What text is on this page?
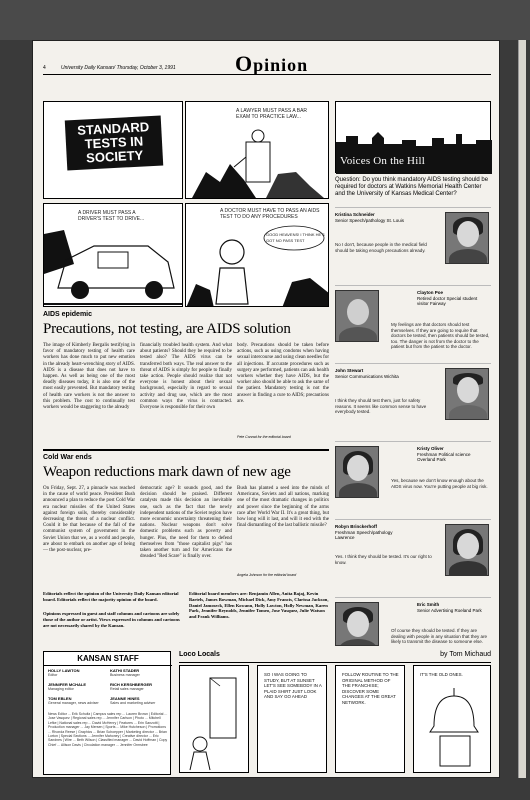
4	University Daily Kansan/ Thursday, October 3, 1991	Opinion
STANDARD TESTS IN SOCIETY
A LAWYER MUST PASS A BAR EXAM TO PRACTICE LAW...
A DRIVER MUST PASS A DRIVER'S TEST TO DRIVE...
A DOCTOR MUST HAVE TO PASS AN AIDS TEST TO DO ANY PROCEDURES
GOOD HEAVENS! I THINK HE'S GOT NO PASS TEST
Voices On the Hill
Question: Do you think mandatory AIDS testing should be required for doctors at Watkins Memorial Health Center and the University of Kansas Medical Center?
Kristina Schneider
Senior Speech/pathology St. Louis
No I don't, because people in the medical field should be taking enough precautions already.
Clayton Poe
Retired doctor Special student visitor Fairway
My feelings are that doctors should test themselves. If they are going to require that doctors be tested, then patients should be tested, too. The danger is not from the doctor to the patient but from the patient to the doctor.
John Stewart
Senior Communications Wichita
I think they should test them, just for safety reasons. It seems like common sense to have everybody tested.
Kristy Oliver
Freshman Political science Overland Park
Yes, because we don't know enough about the AIDS virus now. You're putting people at big risk.
Robyn Brinckerhoff
Freshman Speech/pathology Lawrence
Yes. I think they should be tested. It's our right to know.
Eric Smith
Senior Advertising Roeland Park
Of course they should be tested. If they are dealing with people in any situation that they are likely to transmit the disease to someone else.
AIDS epidemic
Precautions, not testing, are AIDS solution

The image of Kimberly Bergalis testifying in favor of mandatory testing of health care workers has done much to put new emotion in the already heart-wrenching story of AIDS. AIDS is a disease that does not have to happen. As well as being one of the most deadly diseases today, it is also one of the most easily prevented. But mandatory testing of health care workers is not the answer to this problem. The cost to continually test workers would be staggering to the already

financially troubled health system. And what about patients? Should they be required to be tested also? The AIDS virus can be transferred both ways. The real answer to the threat of AIDS is simply for people to finally take action. People should realize that not everyone is honest about their sexual background, especially in regard to sexual activity and drug use, which are the most common ways the virus is contracted. Everyone is responsible for their own

body. Precautions should be taken before actions, such as using condoms when having sexual intercourse and using clean needles for all injections. If accurate procedures such as surgery are performed, patients can ask health workers whether they have AIDS, but the worker also should be able to ask the same of the patient. Mandatory testing is not the answer in finding a cure to AIDS; precautions are.

Pete Conrad for the editorial board
Cold War ends
Weapon reductions mark dawn of new age

On Friday, Sept. 27, a pinnacle was reached in the cause of world peace. President Bush announced a plan to reduce the post Cold War era nuclear missiles of the United States against foreign soils, thereby considerably decreasing the threat of a nuclear conflict. Could it be that because of the fall of the communist system of government in the Soviet Union that we, as a world and people, are about to embark on another age of being — the post-nuclear, pre-

democratic age? It sounds good, and the decision should be praised. Different catalysts made this decision an inevitable one, such as the fact that the newly independent nations of the Soviet region have more economic uncertainty threatening their nations. Nuclear weapons don't solve domestic problems such as poverty and hunger. Plus, the need for them to defend themselves from "those capitalist pigs" has taken another turn and for Americans the dreaded "Red Scare" is finally over.

Bush has planted a seed into the minds of Americans, Soviets and all nations, marking one of the most dramatic changes in politics and power since the beginning of the arms race after World War II. It's a great thing, but how long will it last, and will it end with the final dismantling of the last ballistic missile?

Angela Johnson for the editorial board

Editorials reflect the opinion of the University Daily Kansan editorial board. Editorials reflect the majority opinion of the board.

Opinions expressed in guest and staff columns and cartoons are solely those of the author or artist. Views expressed in columns and cartoons are not necessarily shared by the Kansan.

Editorial board members are: Benjamin Allen, Anita Bajaj, Kevin Bartels, James Bowman, Michael Dick, Amy Francis, Clarissa Jackson, Daniel Jamoseck, Ellen Kowanu, Holly Lawton, Holly Newman, Karen Park, Jennifer Reynolds, Jennifer Tomeo, Jose Vasquez, Julie Watson and Frank Williams.

KANSAN STAFF
HOLLY LAWTON
Editor
KATHI STADER
Business manager
JENNIFER MCHALE
Managing editor
RICH KERSHBERGER
Retail sales manager
TOM EBLEN
General manager, news adviser
JEANNE HINES
Sales and marketing adviser
News Editor ... Erik Schultz | Campus sales rep ... Lauren Brown | Editorial ... Jose Vasquez | Regional sales rep ... Jennifer Carlson | Photo ... Mitchell Lefke | National sales rep ... David McHenry | Features ... Erin Sanzotti | Production manager ... Jay Mersen | Sports ... Mike Hutcheson | Promotions ... Rhonda Reese | Graphics ... Brian Schoepper | Marketing director ... Brian Lorton | Special Sections ... Jennifer Mahoney | Creative director ... Eric Sandnes | Wire ... Beth Wilson | Classified manager ... David Hoffman | Copy Chief ... Allison Davis | Circulation manager ... Jennifer Ormsbee
Loco Locals	by Tom Michaud
SO I WAS GOING TO STUDY, BUT AT SUNSET LET'S SEE SOMEBODY IN A PLAID SHIRT JUST LOOK AND SAY GO AHEAD
FOLLOW ROUTINE TO THE ORIGINAL METHOD OF THE FRANCHISE; DISCOVER SOME CHANGES AT THE GREAT NETWORK.
IT'S THE OLD ONES.
